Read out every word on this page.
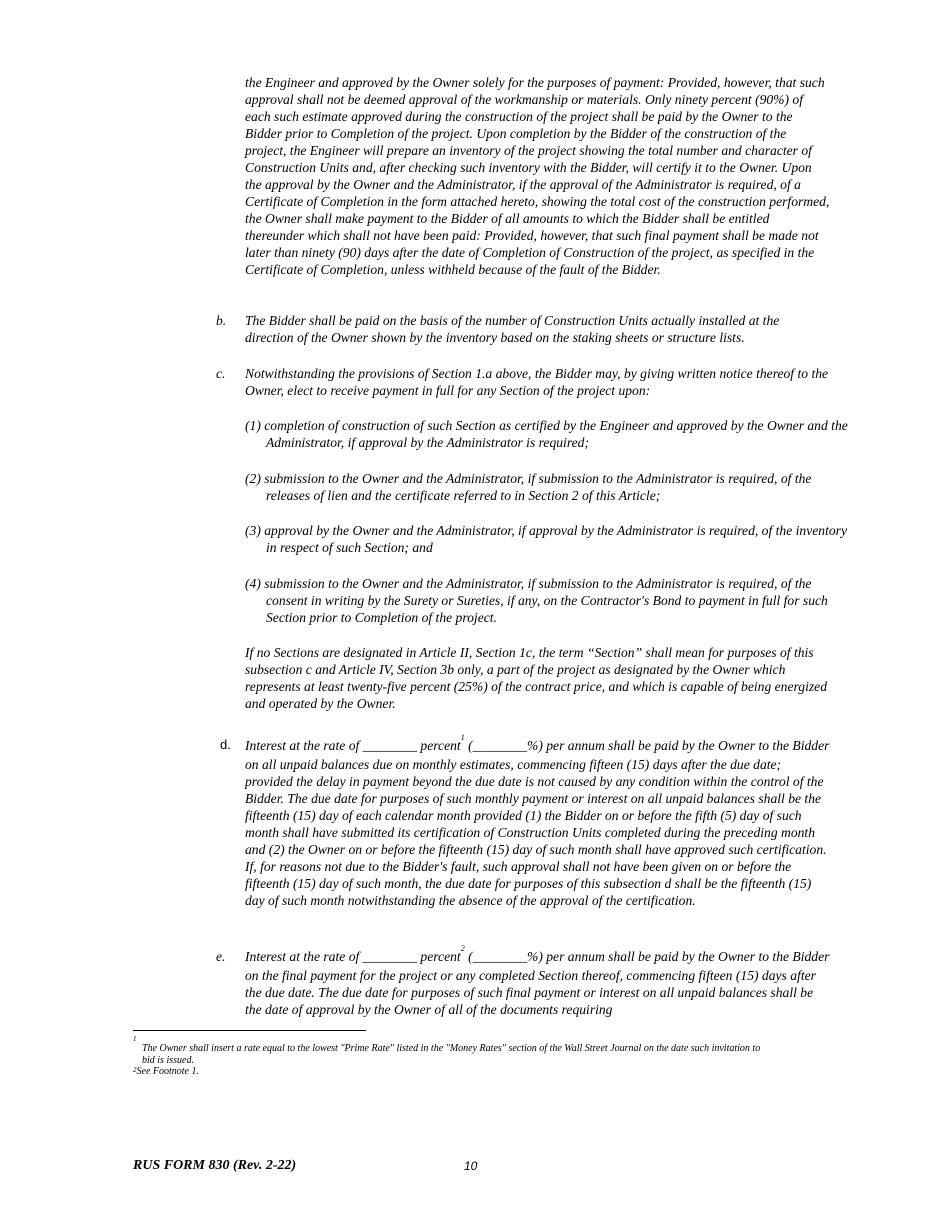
the Engineer and approved by the Owner solely for the purposes of payment: Provided, however, that such approval shall not be deemed approval of the workmanship or materials. Only ninety percent (90%) of each such estimate approved during the construction of the project shall be paid by the Owner to the Bidder prior to Completion of the project. Upon completion by the Bidder of the construction of the project, the Engineer will prepare an inventory of the project showing the total number and character of Construction Units and, after checking such inventory with the Bidder, will certify it to the Owner. Upon the approval by the Owner and the Administrator, if the approval of the Administrator is required, of a Certificate of Completion in the form attached hereto, showing the total cost of the construction performed, the Owner shall make payment to the Bidder of all amounts to which the Bidder shall be entitled thereunder which shall not have been paid: Provided, however, that such final payment shall be made not later than ninety (90) days after the date of Completion of Construction of the project, as specified in the Certificate of Completion, unless withheld because of the fault of the Bidder.

b. The Bidder shall be paid on the basis of the number of Construction Units actually installed at the direction of the Owner shown by the inventory based on the staking sheets or structure lists.

c. Notwithstanding the provisions of Section 1.a above, the Bidder may, by giving written notice thereof to the Owner, elect to receive payment in full for any Section of the project upon:

(1) completion of construction of such Section as certified by the Engineer and approved by the Owner and the Administrator, if approval by the Administrator is required;

(2) submission to the Owner and the Administrator, if submission to the Administrator is required, of the releases of lien and the certificate referred to in Section 2 of this Article;

(3) approval by the Owner and the Administrator, if approval by the Administrator is required, of the inventory in respect of such Section; and

(4) submission to the Owner and the Administrator, if submission to the Administrator is required, of the consent in writing by the Surety or Sureties, if any, on the Contractor's Bond to payment in full for such Section prior to Completion of the project.

If no Sections are designated in Article II, Section 1c, the term “Section” shall mean for purposes of this subsection c and Article IV, Section 3b only, a part of the project as designated by the Owner which represents at least twenty-five percent (25%) of the contract price, and which is capable of being energized and operated by the Owner.

d. Interest at the rate of ________ percent$^1$ (________%) per annum shall be paid by the Owner to the Bidder on all unpaid balances due on monthly estimates, commencing fifteen (15) days after the due date; provided the delay in payment beyond the due date is not caused by any condition within the control of the Bidder. The due date for purposes of such monthly payment or interest on all unpaid balances shall be the fifteenth (15) day of each calendar month provided (1) the Bidder on or before the fifth (5) day of such month shall have submitted its certification of Construction Units completed during the preceding month and (2) the Owner on or before the fifteenth (15) day of such month shall have approved such certification. If, for reasons not due to the Bidder's fault, such approval shall not have been given on or before the fifteenth (15) day of such month, the due date for purposes of this subsection d shall be the fifteenth (15) day of such month notwithstanding the absence of the approval of the certification.

e. Interest at the rate of ________ percent$^2$ (________%) per annum shall be paid by the Owner to the Bidder on the final payment for the project or any completed Section thereof, commencing fifteen (15) days after the due date. The due date for purposes of such final payment or interest on all unpaid balances shall be the date of approval by the Owner of all of the documents requiring

$^1$
The Owner shall insert a rate equal to the lowest "Prime Rate" listed in the "Money Rates" section of the Wall Street Journal on the date such invitation to bid is issued.
$^2$See Footnote 1.
RUS FORM 830 (Rev. 2-22)	10
